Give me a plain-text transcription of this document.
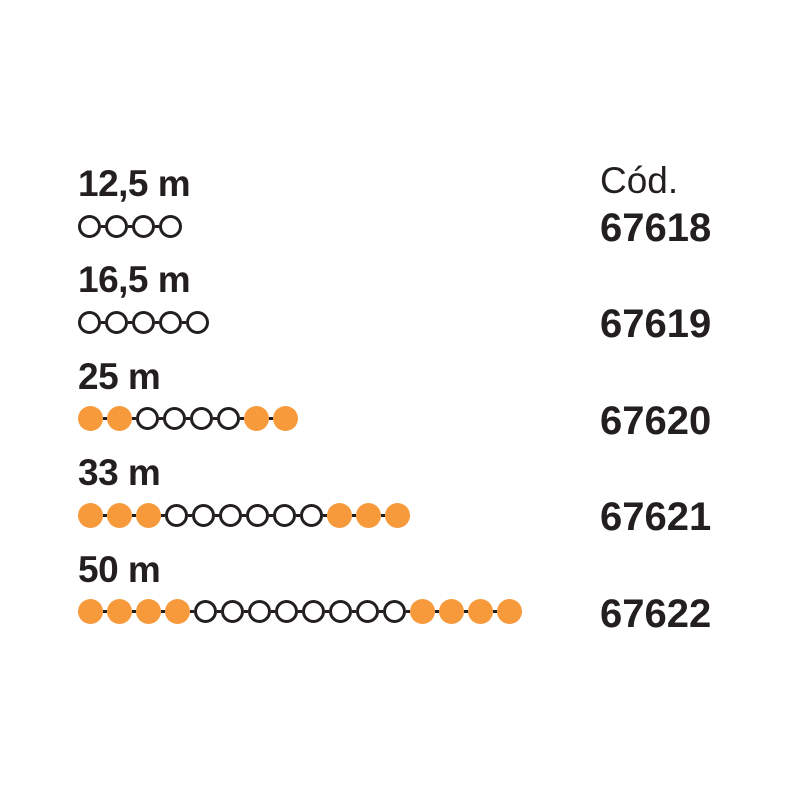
Cód.
12,5 m
67618
16,5 m
67619
25 m
67620
33 m
67621
50 m
67622
